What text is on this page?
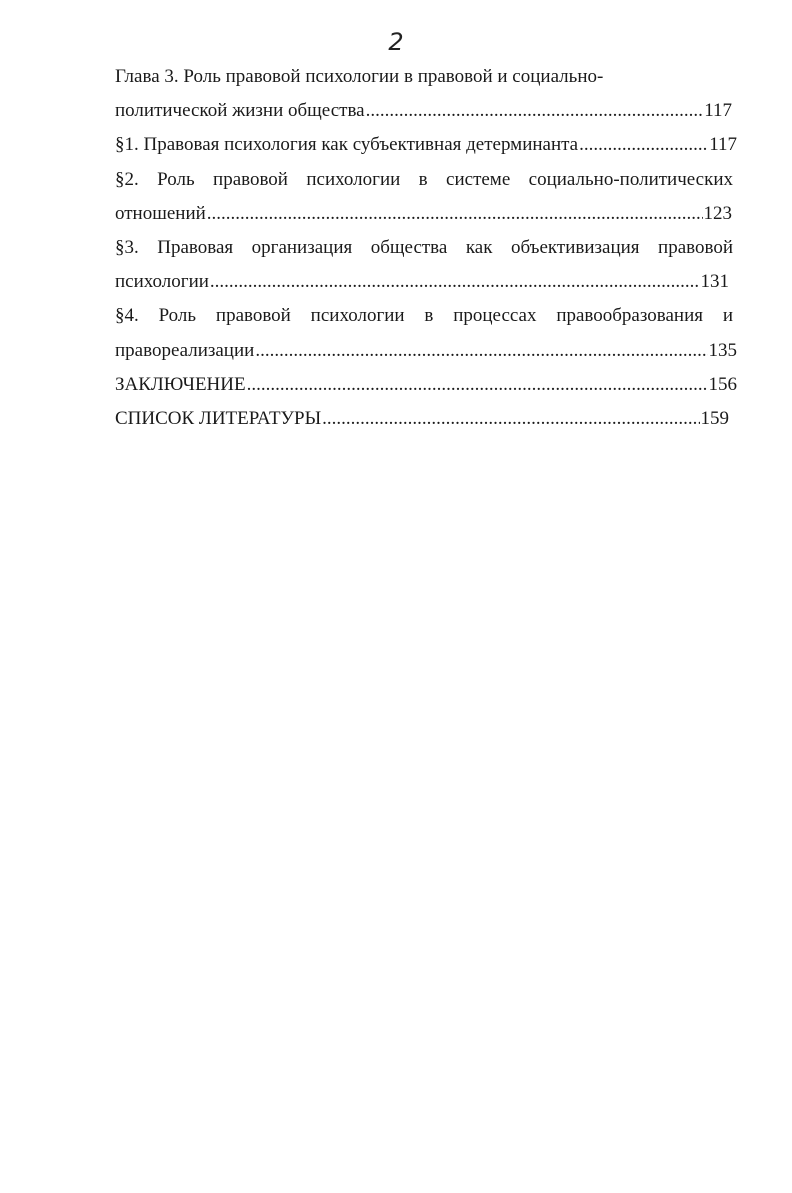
2
Глава 3. Роль правовой психологии в правовой и социально-
политической жизни общества .....	117
§1. Правовая психология как субъективная детерминанта .....	117
§2. Роль правовой психологии в системе социально-политических
отношений .....	123
§3. Правовая организация общества как объективизация правовой
психологии .....	131
§4. Роль правовой психологии в процессах правообразования и
правореализации .....	135
ЗАКЛЮЧЕНИЕ .....	156
СПИСОК ЛИТЕРАТУРЫ .....	159
